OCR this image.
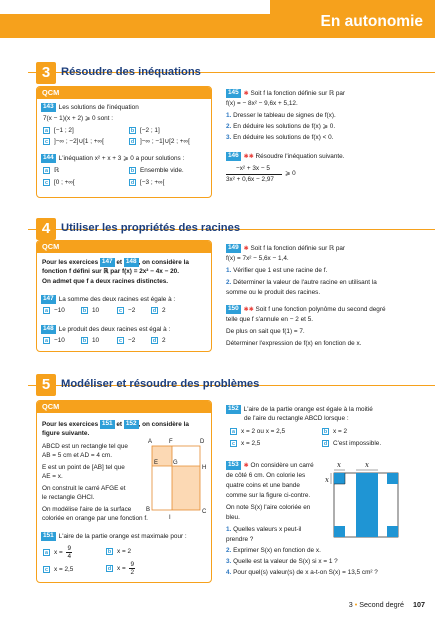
En autonomie
3 Résoudre des inéquations
QCM
143 Les solutions de l'inéquation
7(x − 1)(x + 2) ⩾ 0 sont :
a [−1 ; 2]	b [−2 ; 1]
c ]−∞ ; −2]∪[1 ; +∞[	d ]−∞ ; −1]∪[2 ; +∞[
144 L'inéquation x² + x + 3 ⩾ 0 a pour solutions :
a ℝ	b Ensemble vide.
c [0 ; +∞[	d [−3 ; +∞[
145 ✱ Soit f la fonction définie sur ℝ par
f(x) = − 8x² − 9,6x + 5,12.
1. Dresser le tableau de signes de f(x).
2. En déduire les solutions de f(x) ⩾ 0.
3. En déduire les solutions de f(x) < 0.
146 ✱✱ Résoudre l'inéquation suivante.
−x² + 3x − 5
3x² + 0,6x − 2,97
⩾ 0
4 Utiliser les propriétés des racines
QCM
Pour les exercices 147 et 148 , on considère la
fonction f défini sur ℝ par f(x) = 2x² − 4x − 20.
On admet que f a deux racines distinctes.
147 La somme des deux racines est égale à :
a −10	b 10	c −2	d 2
148 Le produit des deux racines est égal à :
a −10	b 10	c −2	d 2
149 ✱ Soit f la fonction définie sur ℝ par
f(x) = 7x² − 5,6x − 1,4.
1. Vérifier que 1 est une racine de f.
2. Déterminer la valeur de l'autre racine en utilisant la
somme ou le produit des racines.
150 ✱✱ Soit f une fonction polynôme du second degré
telle que f s'annule en − 2 et 5.
De plus on sait que f(1) = 7.
Déterminer l'expression de f(x) en fonction de x.
5 Modéliser et résoudre des problèmes
QCM
Pour les exercices 151 et 152 , on considère la
figure suivante.
ABCD est un rectangle tel que
AB = 5 cm et AD = 4 cm.
E est un point de [AB] tel que
AE = x.
On construit le carré AFGE et
le rectangle GHCI.
On modélise l'aire de la surface
coloriée en orange par une fonction f.
A	F	D
E G
H
B
I
C
151 L'aire de la partie orange est maximale pour :
a $x = \frac{9}{4}$	b x = 2
c x = 2,5	d $x = \frac{9}{2}$
152 L'aire de la partie orange est égale à la moitié
de l'aire du rectangle ABCD lorsque :
a x = 2 ou x = 2,5	b x = 2
c x = 2,5	d C'est impossible.
153 ✱ On considère un carré
de côté 6 cm. On colorie les
quatre coins et une bande
comme sur la figure ci-contre.
On note S(x) l'aire coloriée en
bleu.
1. Quelles valeurs x peut-il
prendre ?
2. Exprimer S(x) en fonction de x.
3. Quelle est la valeur de S(x) si x = 1 ?
4. Pour quel(s) valeur(s) de x a-t-on S(x) = 13,5 cm² ?
x	x
x
3 • Second degré 107
